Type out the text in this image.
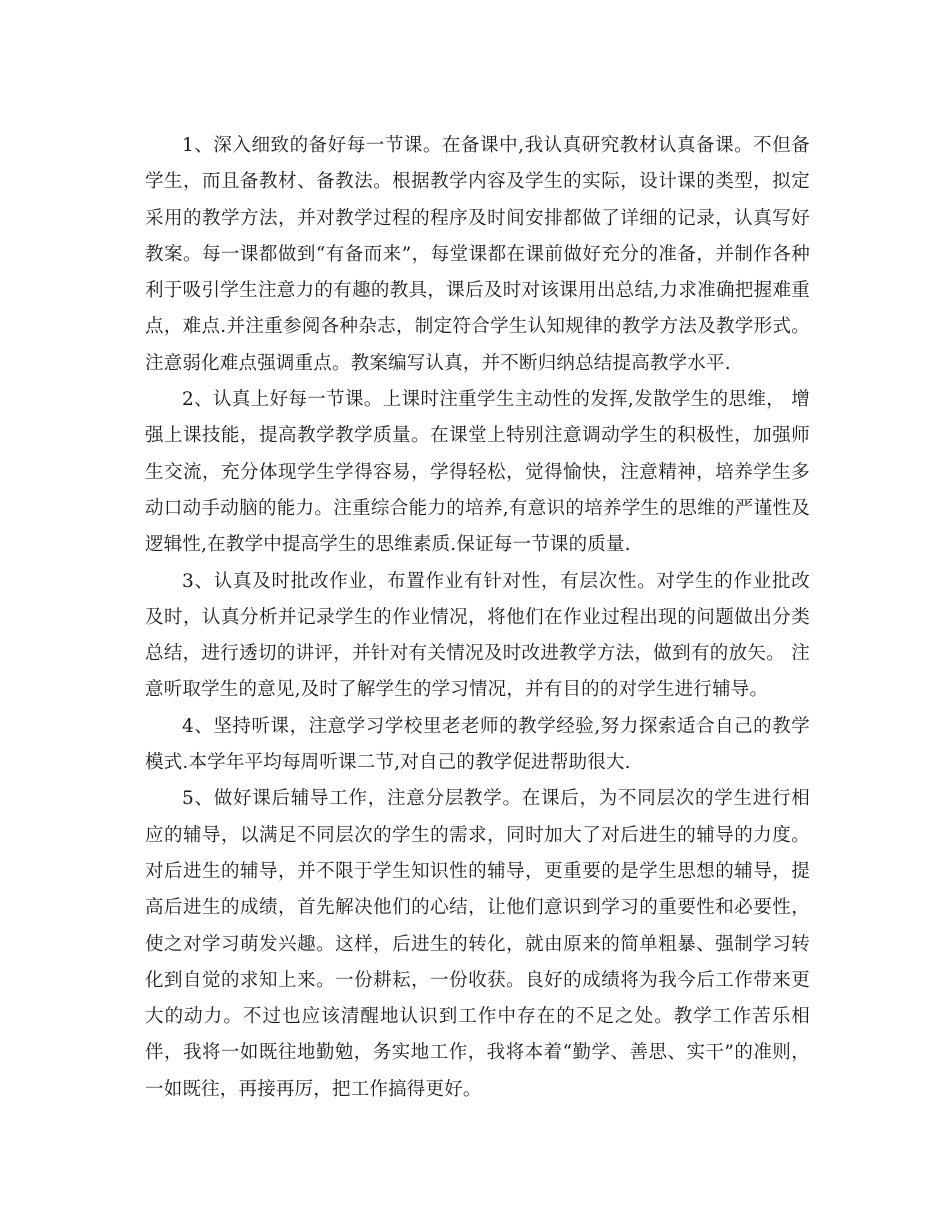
1、深入细致的备好每一节课。在备课中,我认真研究教材认真备课。不但备学生，而且备教材、备教法。根据教学内容及学生的实际，设计课的类型，拟定采用的教学方法，并对教学过程的程序及时间安排都做了详细的记录，认真写好教案。每一课都做到“有备而来”，每堂课都在课前做好充分的准备，并制作各种利于吸引学生注意力的有趣的教具，课后及时对该课用出总结,力求准确把握难重点，难点.并注重参阅各种杂志，制定符合学生认知规律的教学方法及教学形式。注意弱化难点强调重点。教案编写认真，并不断归纳总结提高教学水平.

2、认真上好每一节课。上课时注重学生主动性的发挥,发散学生的思维， 增强上课技能，提高教学教学质量。在课堂上特别注意调动学生的积极性，加强师生交流，充分体现学生学得容易，学得轻松，觉得愉快，注意精神，培养学生多动口动手动脑的能力。注重综合能力的培养,有意识的培养学生的思维的严谨性及逻辑性,在教学中提高学生的思维素质.保证每一节课的质量.

3、认真及时批改作业，布置作业有针对性，有层次性。对学生的作业批改及时，认真分析并记录学生的作业情况，将他们在作业过程出现的问题做出分类总结，进行透切的讲评，并针对有关情况及时改进教学方法，做到有的放矢。 注意听取学生的意见,及时了解学生的学习情况，并有目的的对学生进行辅导。

4、坚持听课，注意学习学校里老老师的教学经验,努力探索适合自己的教学模式.本学年平均每周听课二节,对自己的教学促进帮助很大.

5、做好课后辅导工作，注意分层教学。在课后，为不同层次的学生进行相应的辅导，以满足不同层次的学生的需求，同时加大了对后进生的辅导的力度。对后进生的辅导，并不限于学生知识性的辅导，更重要的是学生思想的辅导，提高后进生的成绩，首先解决他们的心结，让他们意识到学习的重要性和必要性，使之对学习萌发兴趣。这样，后进生的转化，就由原来的简单粗暴、强制学习转化到自觉的求知上来。一份耕耘，一份收获。良好的成绩将为我今后工作带来更大的动力。不过也应该清醒地认识到工作中存在的不足之处。教学工作苦乐相伴，我将一如既往地勤勉，务实地工作，我将本着“勤学、善思、实干”的准则，一如既往，再接再厉，把工作搞得更好。
